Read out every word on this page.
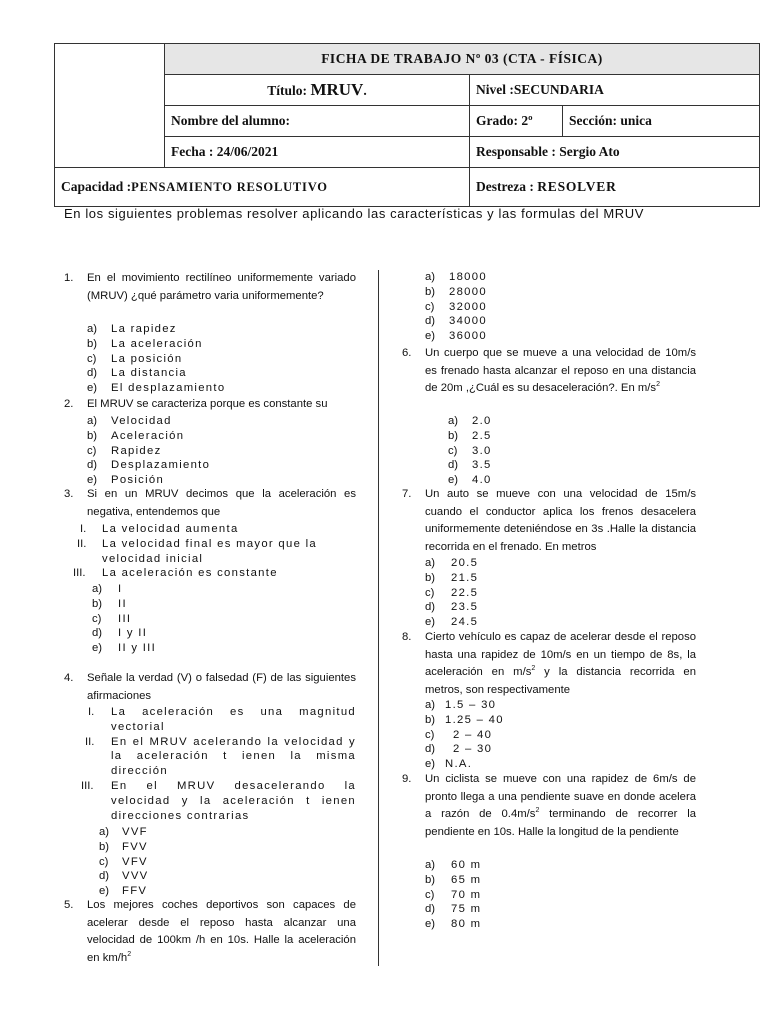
	FICHA DE TRABAJO Nº 03 (CTA - FÍSICA)		
	Título: MRUV.	Nivel :SECUNDARIA	
	Nombre del alumno:	Grado: 2º	Sección: unica
	Fecha : 24/06/2021	Responsable : Sergio Ato	
Capacidad :PENSAMIENTO RESOLUTIVO		Destreza : RESOLVER	
En los siguientes problemas resolver aplicando las características y las formulas del MRUV
1.	En el movimiento rectilíneo uniformemente variado (MRUV) ¿qué parámetro varia uniformemente?
a) La rapidez
b) La aceleración
c) La posición
d) La distancia
e) El desplazamiento
2.	El MRUV se caracteriza porque es constante su
a) Velocidad
b) Aceleración
c) Rapidez
d) Desplazamiento
e) Posición
3.	Si en un MRUV decimos que la aceleración es negativa, entendemos que
I. La velocidad aumenta
II. La velocidad final es mayor que la velocidad inicial
III. La aceleración es constante
a) I
b) II
c) III
d) I y II
e) II y III
4.	Señale la verdad (V) o falsedad (F) de las siguientes afirmaciones
I. La aceleración es una magnitud vectorial
II. En el MRUV acelerando la velocidad y la aceleración t ienen la misma dirección
III. En el MRUV desacelerando la velocidad y la aceleración t ienen direcciones contrarias
a) VVF
b) FVV
c) VFV
d) VVV
e) FFV
5.	Los mejores coches deportivos son capaces de acelerar desde el reposo hasta alcanzar una velocidad de 100km /h en 10s. Halle la aceleración en $km/h^2$
a) 18000
b) 28000
c) 32000
d) 34000
e) 36000
6.	Un cuerpo que se mueve a una velocidad de 10m/s es frenado hasta alcanzar el reposo en una distancia de 20m ,¿Cuál es su desaceleración?. En $m/s^2$
a) 2.0
b) 2.5
c) 3.0
d) 3.5
e) 4.0
7.	Un auto se mueve con una velocidad de 15m/s cuando el conductor aplica los frenos desacelera uniformemente deteniéndose en 3s .Halle la distancia recorrida en el frenado. En metros
a) 20.5
b) 21.5
c) 22.5
d) 23.5
e) 24.5
8.	Cierto vehículo es capaz de acelerar desde el reposo hasta una rapidez de 10m/s en un tiempo de 8s, la aceleración en $m/s^2$ y la distancia recorrida en metros, son respectivamente
a) 1.5 – 30
b) 1.25 – 40
c) 2 – 40
d) 2 – 30
e) N.A.
9.	Un ciclista se mueve con una rapidez de 6m/s de pronto llega a una pendiente suave en donde acelera a razón de $0.4m/s^2$ terminando de recorrer la pendiente en 10s. Halle la longitud de la pendiente
a) 60 m
b) 65 m
c) 70 m
d) 75 m
e) 80 m
